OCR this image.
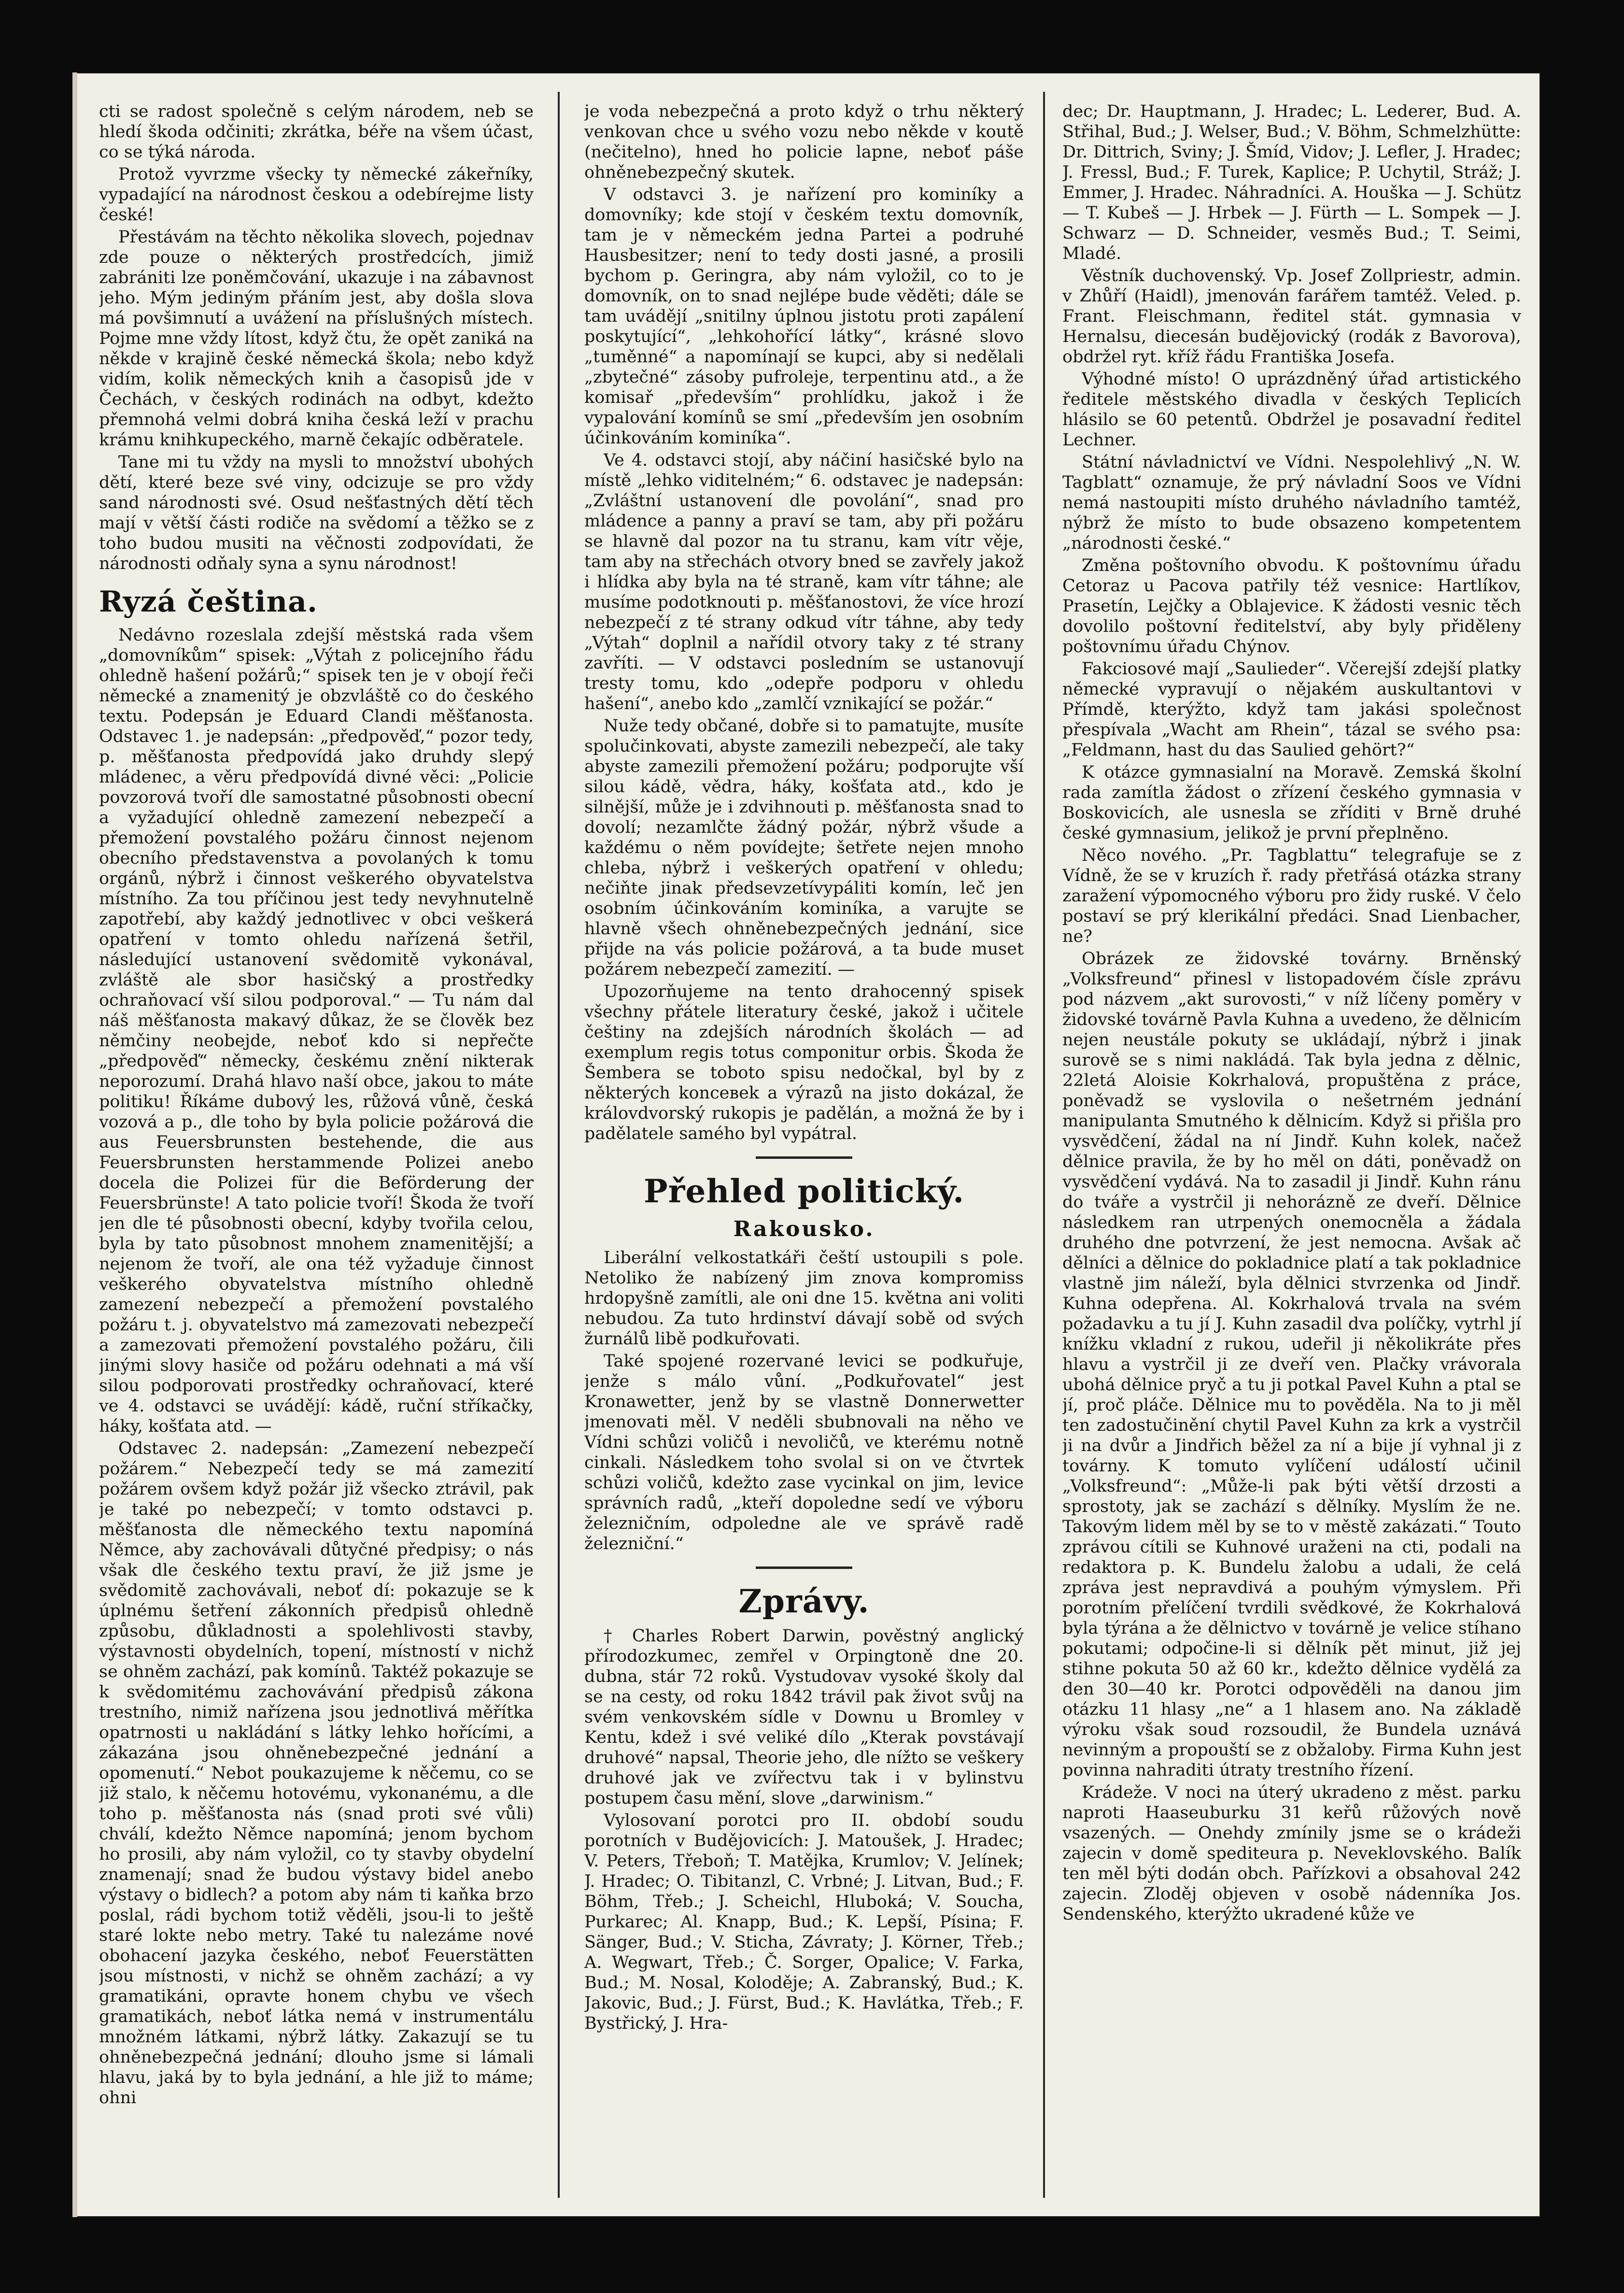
cti se radost společně s celým národem, neb se hledí škoda odčiniti; zkrátka, béře na všem účast, co se týká národa.

Protož vyvrzme všecky ty německé zákeřníky, vypadající na národnost českou a odebírejme listy české!

Přestávám na těchto několika slovech, pojednav zde pouze o některých prostředcích, jimiž zabrániti lze poněmčování, ukazuje i na zábavnost jeho. Mým jediným přáním jest, aby došla slova má povšimnutí a uvážení na příslušných místech. Pojme mne vždy lítost, když čtu, že opět zaniká na někde v krajině české německá škola; nebo když vidím, kolik německých knih a časopisů jde v Čechách, v českých rodinách na odbyt, kdežto přemnohá velmi dobrá kniha česká leží v prachu krámu knihkupeckého, marně čekajíc odběratele.

Tane mi tu vždy na mysli to množství ubohých dětí, které beze své viny, odcizuje se pro vždy sand národnosti své. Osud nešťastných dětí těch mají v větší části rodiče na svědomí a těžko se z toho budou musiti na věčnosti zodpovídati, že národnosti odňaly syna a synu národnost!

Ryzá čeština.

Nedávno rozeslala zdejší městská rada všem „domovníkům“ spisek: „Výtah z policejního řádu ohledně hašení požárů;“ spisek ten je v obojí řeči německé a znamenitý je obzvláště co do českého textu. Podepsán je Eduard Clandi měšťanosta. Odstavec 1. je nadepsán: „předpověď,“ pozor tedy, p. měšťanosta předpovídá jako druhdy slepý mládenec, a věru předpovídá divné věci: „Policie povzorová tvoří dle samostatné působnosti obecní a vyžadující ohledně zamezení nebezpečí a přemožení povstalého požáru činnost nejenom obecního představenstva a povolaných k tomu orgánů, nýbrž i činnost veškerého obyvatelstva místního. Za tou příčinou jest tedy nevyhnutelně zapotřebí, aby každý jednotlivec v obci veškerá opatření v tomto ohledu nařízená šetřil, následující ustanovení svědomitě vykonával, zvláště ale sbor hasičský a prostředky ochraňovací vší silou podporoval.“ — Tu nám dal náš měšťanosta makavý důkaz, že se člověk bez němčiny neobejde, neboť kdo si nepřečte „předpověď“ německy, českému znění nikterak neporozumí. Drahá hlavo naší obce, jakou to máte politiku! Říkáme dubový les, růžová vůně, česká vozová a p., dle toho by byla policie požárová die aus Feuersbrunsten bestehende, die aus Feuersbrunsten herstammende Polizei anebo docela die Polizei für die Beförderung der Feuersbrünste! A tato policie tvoří! Škoda že tvoří jen dle té působnosti obecní, kdyby tvořila celou, byla by tato působnost mnohem znamenitější; a nejenom že tvoří, ale ona též vyžaduje činnost veškerého obyvatelstva místního ohledně zamezení nebezpečí a přemožení povstalého požáru t. j. obyvatelstvo má zamezovati nebezpečí a zamezovati přemožení povstalého požáru, čili jinými slovy hasiče od požáru odehnati a má vší silou podporovati prostředky ochraňovací, které ve 4. odstavci se uvádějí: kádě, ruční stříkačky, háky, košťata atd. —

Odstavec 2. nadepsán: „Zamezení nebezpečí požárem.“ Nebezpečí tedy se má zamezití požárem ovšem když požár již všecko ztrávil, pak je také po nebezpečí; v tomto odstavci p. měšťanosta dle německého textu napomíná Němce, aby zachovávali důtyčné předpisy; o nás však dle českého textu praví, že již jsme je svědomitě zachovávali, neboť dí: pokazuje se k úplnému šetření zákonních předpisů ohledně způsobu, důkladnosti a spolehlivosti stavby, výstavnosti obydelních, topení, místností v nichž se ohněm zachází, pak komínů. Taktéž pokazuje se k svědomitému zachovávání předpisů zákona trestního, nimiž nařízena jsou jednotlivá měřítka opatrnosti u nakládání s látky lehko hořícími, a zákazána jsou ohněnebezpečné jednání a opomenutí.“ Nebot poukazujeme k něčemu, co se již stalo, k něčemu hotovému, vykonanému, a dle toho p. měšťanosta nás (snad proti své vůli) chválí, kdežto Němce napomíná; jenom bychom ho prosili, aby nám vyložil, co ty stavby obydelní znamenají; snad že budou výstavy bidel anebo výstavy o bidlech? a potom aby nám ti kaňka brzo poslal, rádi bychom totiž věděli, jsou-li to ještě staré lokte nebo metry. Také tu nalezáme nové obohacení jazyka českého, neboť Feuerstätten jsou místnosti, v nichž se ohněm zachází; a vy gramatikáni, opravte honem chybu ve všech gramatikách, neboť látka nemá v instrumentálu množném látkami, nýbrž látky. Zakazují se tu ohněnebezpečná jednání; dlouho jsme si lámali hlavu, jaká by to byla jednání, a hle již to máme; ohni

je voda nebezpečná a proto když o trhu některý venkovan chce u svého vozu nebo někde v koutě (nečitelno), hned ho policie lapne, neboť páše ohněnebezpečný skutek.

V odstavci 3. je nařízení pro kominíky a domovníky; kde stojí v českém textu domovník, tam je v německém jedna Partei a podruhé Hausbesitzer; není to tedy dosti jasné, a prosili bychom p. Geringra, aby nám vyložil, co to je domovník, on to snad nejlépe bude věděti; dále se tam uvádějí „snitilny úplnou jistotu proti zapálení poskytující“, „lehkohořící látky“, krásné slovo „tuměnné“ a napomínají se kupci, aby si nedělali „zbytečné“ zásoby pufrolejе, terpentinu atd., a že komisař „především“ prohlídku, jakož i že vypalování komínů se smí „především jen osobním účinkováním kominíka“.

Ve 4. odstavci stojí, aby náčiní hasičské bylo na místě „lehko viditelném;“ 6. odstavec je nadepsán: „Zvláštní ustanovení dle povolání“, snad pro mládence a panny a praví se tam, aby při požáru se hlavně dal pozor na tu stranu, kam vítr věje, tam aby na střechách otvory bned se zavřely jakož i hlídka aby byla na té straně, kam vítr táhne; ale musíme podotknouti p. měšťanostovi, že více hrozí nebezpečí z té strany odkud vítr táhne, aby tedy „Výtah“ doplnil a nařídil otvory taky z té strany zavříti. — V odstavci posledním se ustanovují tresty tomu, kdo „odepře podporu v ohledu hašení“, anebo kdo „zamlčí vznikající se požár.“

Nuže tedy občané, dobře si to pamatujte, musíte spolučinkovati, abyste zamezili nebezpečí, ale taky abyste zamezili přemožení požáru; podporujte vší silou kádě, vědra, háky, košťata atd., kdo je silnější, může je i zdvihnouti p. měšťanosta snad to dovolí; nezamlčte žádný požár, nýbrž všude a každému o něm povídejte; šetřete nejen mnoho chleba, nýbrž i veškerých opatření v ohledu; nečiňte jinak předsevzetívypáliti komín, leč jen osobním účinkováním kominíka, a varujte se hlavně všech ohněnebezpečných jednání, sice přijde na vás policie požárová, a ta bude muset požárem nebezpečí zamezití. —

Upozorňujeme na tento drahocenný spisek všechny přátele literatury české, jakož i učitele češtiny na zdejších národních školách — ad exemplum regis totus componitur orbis. Škoda že Šembera se toboto spisu nedočkal, byl by z některých konceвek a výrazů na jisto dokázal, že královdvorský rukopis je padělán, a možná že by i padělatele samého byl vypátral.

Přehled politický.
Rakousko.

Liberální velkostatkáři čeští ustoupili s pole. Netoliko že nabízený jim znova kompromiss hrdopyšně zamítli, ale oni dne 15. května ani voliti nebudou. Za tuto hrdinství dávají sobě od svých žurnálů libě podkuřovati.

Také spojené rozervané levici se podkuřuje, jenže s málo vůní. „Podkuřovatel“ jest Kronawetter, jenž by se vlastně Donnerwetter jmenovati měl. V neděli sbubnovali na něho ve Vídni schůzi voličů i nevoličů, ve kterému notně cinkali. Následkem toho svolal si on ve čtvrtek schůzi voličů, kdežto zase vycinkal on jim, levice správních radů, „kteří dopoledne sedí ve výboru železničním, odpoledne ale ve správě radě železniční.“

Zprávy.

† Charles Robert Darwin, pověstný anglický přírodozkumec, zemřel v Orpingtoně dne 20. dubna, stár 72 roků. Vystudovav vysoké školy dal se na cesty, od roku 1842 trávil pak život svůj na svém venkovském sídle v Downu u Bromley v Kentu, kdež i své veliké dílo „Kterak povstávají druhové“ napsal, Theorie jeho, dle nížto se veškery druhové jak ve zvířectvu tak i v bylinstvu postupem času mění, slove „darwinism.“

Vylosovaní porotci pro II. období soudu porotních v Budějovicích: J. Matoušek, J. Hradec; V. Peters, Třeboň; T. Matějka, Krumlov; V. Jelínek; J. Hradec; O. Tibitanzl, C. Vrbné; J. Litvan, Bud.; F. Böhm, Třeb.; J. Scheichl, Hluboká; V. Soucha, Purkarec; Al. Knapp, Bud.; K. Lepší, Písina; F. Sänger, Bud.; V. Sticha, Závraty; J. Körner, Třeb.; A. Wegwart, Třeb.; Č. Sorger, Opalice; V. Farka, Bud.; M. Nosal, Kolodějе; A. Zabranský, Bud.; K. Jakovic, Bud.; J. Fürst, Bud.; K. Havlátka, Třeb.; F. Bystřický, J. Hra-

dec; Dr. Hauptmann, J. Hradec; L. Lederer, Bud. A. Střihal, Bud.; J. Welser, Bud.; V. Böhm, Schmelzhütte: Dr. Dittrich, Sviny; J. Šmíd, Vidov; J. Lefler, J. Hradec; J. Fressl, Bud.; F. Turek, Kaplice; P. Uchytil, Stráž; J. Emmer, J. Hradec. Náhradníci. A. Houška — J. Schütz — T. Kubeš — J. Hrbek — J. Fürth — L. Sompek — J. Schwarz — D. Schneider, vesměs Bud.; T. Seimi, Mladé.

Věstník duchovenský. Vp. Josef Zollpriestr, admin. v Zhůří (Haidl), jmenován farářem tamtéž. Veled. p. Frant. Fleischmann, ředitel stát. gymnasia v Hernalsu, diecesán budějovický (rodák z Bavorova), obdržel ryt. kříž řádu Františka Josefa.

Výhodné místo! O uprázdněný úřad artistického ředitele městského divadla v českých Teplicích hlásilo se 60 petentů. Obdržel je posavadní ředitel Lechner.

Státní návladnictví ve Vídni. Nespolehlivý „N. W. Tagblatt“ oznamuje, že prý návladní Soos ve Vídni nemá nastoupiti místo druhého návladního tamtéž, nýbrž že místo to bude obsazeno kompetentem „národnosti české.“

Změna poštovního obvodu. K poštovnímu úřadu Cetoraz u Pacova patřily též vesnice: Hartlíkov, Prasetín, Lejčky a Oblajevice. K žádosti vesnic těch dovolilo poštovní ředitelství, aby byly přiděleny poštovnímu úřadu Chýnov.

Fakciosové mají „Saulieder“. Včerejší zdejší platky německé vypravují o nějakém auskultantovi v Přímdě, kterýžto, když tam jakási společnost přespívala „Wacht am Rhein“, tázal se svého psa: „Feldmann, hast du das Saulied gehört?“

K otázce gymnasialní na Moravě. Zemská školní rada zamítla žádost o zřízení českého gymnasia v Boskovicích, ale usnesla se zříditi v Brně druhé české gymnasium, jelikož je první přeplněno.

Něco nového. „Pr. Tagblattu“ telegrafuje se z Vídně, že se v kruzích ř. rady přetřásá otázka strany zaražení výpomocného výboru pro židy ruské. V čelo postaví se prý klerikální předáci. Snad Lienbacher, ne?

Obrázek ze židovské továrny. Brněnský „Volksfreund“ přinesl v listopadovém čísle zprávu pod názvem „akt surovosti,“ v níž líčeny poměry v židovské továrně Pavla Kuhna a uvedeno, že dělnicím nejen neustále pokuty se ukládají, nýbrž i jinak surově se s nimi nakládá. Tak byla jedna z dělnic, 22letá Aloisie Kokrhalová, propuštěna z práce, poněvadž se vyslovila o nešetrném jednání manipulanta Smutného k dělnicím. Když si přišla pro vysvědčení, žádal na ní Jindř. Kuhn kolek, načež dělnice pravila, že by ho měl on dáti, poněvadž on vysvědčení vydává. Na to zasadil ji Jindř. Kuhn ránu do tváře a vystrčil ji nehorázně ze dveří. Dělnice následkem ran utrpených onemocněla a žádala druhého dne potvrzení, že jest nemocna. Avšak ač dělníci a dělnice do pokladnice platí a tak pokladnice vlastně jim náleží, byla dělnici stvrzenka od Jindř. Kuhna odepřena. Al. Kokrhalová trvala na svém požadavku a tu jí J. Kuhn zasadil dva políčky, vytrhl jí knížku vkladní z rukou, udeřil ji několikráte přes hlavu a vystrčil ji ze dveří ven. Plačky vrávorala ubohá dělnice pryč a tu ji potkal Pavel Kuhn a ptal se jí, proč pláče. Dělnice mu to pověděla. Na to ji měl ten zadostučinění chytil Pavel Kuhn za krk a vystrčil ji na dvůr a Jindřich běžel za ní a bije jí vyhnal ji z továrny. K tomuto vylíčení událostí učinil „Volksfreund“: „Může-li pak býti větší drzosti a sprostoty, jak se zachází s dělníky. Myslím že ne. Takovým lidem měl by se to v městě zakázati.“ Touto zprávou cítili se Kuhnové uraženi na cti, podali na redaktora p. K. Bundelu žalobu a udali, že celá zpráva jest nepravdivá a pouhým výmyslem. Při porotním přelíčení tvrdili svědkové, že Kokrhalová byla týrána a že dělnictvo v továrně je velice stíhano pokutami; odpočine-li si dělník pět minut, již jej stihne pokuta 50 až 60 kr., kdežto dělnice vydělá za den 30—40 kr. Porotci odpověděli na danou jim otázku 11 hlasy „ne“ a 1 hlasem ano. Na základě výroku však soud rozsoudil, že Bundela uznává nevinným a propouští se z obžaloby. Firma Kuhn jest povinna nahraditi útraty trestního řízení.

Krádeže. V noci na úterý ukradeno z měst. parku naproti Haaseuburku 31 keřů růžových nově vsazených. — Onehdy zmínily jsme se o krádeži zajecin v domě spediteura p. Neveklovského. Balík ten měl býti dodán obch. Pařízkovi a obsahoval 242 zajecin. Zloděj objeven v osobě nádenníka Jos. Sendenského, kterýžto ukradené kůže ve
